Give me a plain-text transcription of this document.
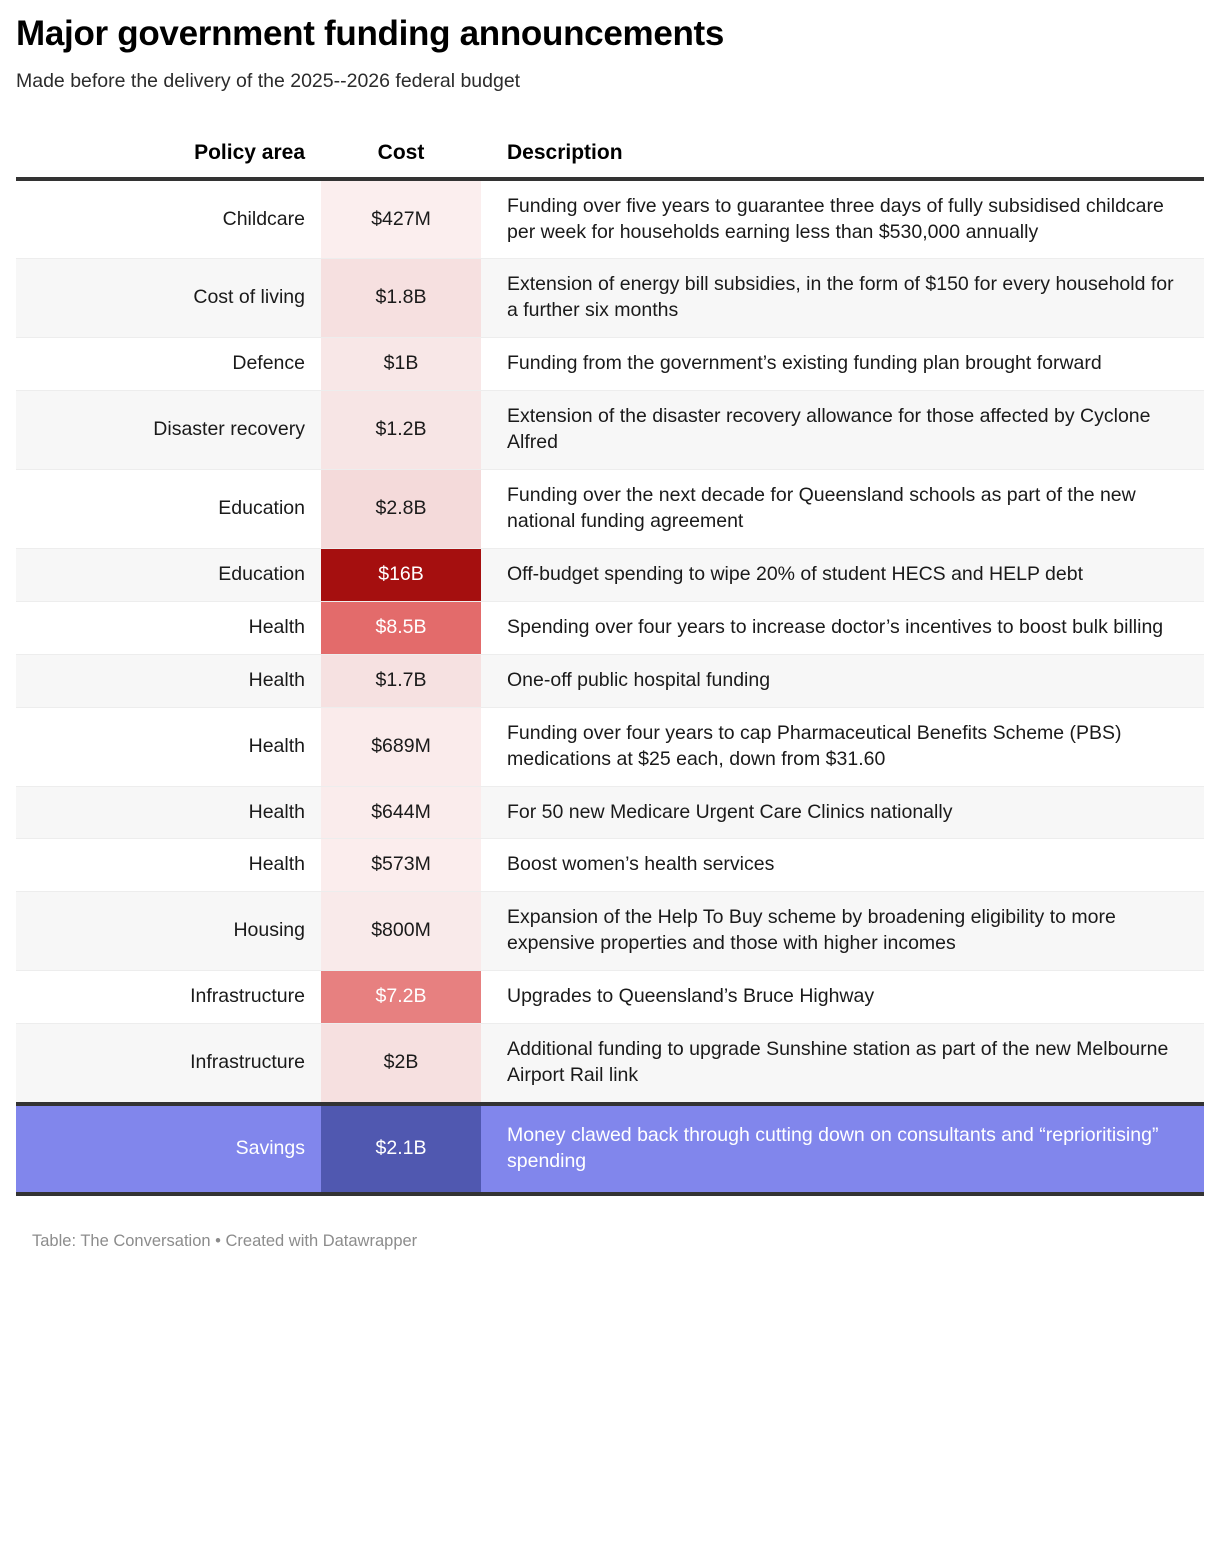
Major government funding announcements

Made before the delivery of the 2025--2026 federal budget

Policy area	Cost	Description
Childcare	$427M	Funding over five years to guarantee three days of fully subsidised childcare per week for households earning less than $530,000 annually
Cost of living	$1.8B	Extension of energy bill subsidies, in the form of $150 for every household for a further six months
Defence	$1B	Funding from the government’s existing funding plan brought forward
Disaster recovery	$1.2B	Extension of the disaster recovery allowance for those affected by Cyclone Alfred
Education	$2.8B	Funding over the next decade for Queensland schools as part of the new national funding agreement
Education	$16B	Off-budget spending to wipe 20% of student HECS and HELP debt
Health	$8.5B	Spending over four years to increase doctor’s incentives to boost bulk billing
Health	$1.7B	One-off public hospital funding
Health	$689M	Funding over four years to cap Pharmaceutical Benefits Scheme (PBS) medications at $25 each, down from $31.60
Health	$644M	For 50 new Medicare Urgent Care Clinics nationally
Health	$573M	Boost women’s health services
Housing	$800M	Expansion of the Help To Buy scheme by broadening eligibility to more expensive properties and those with higher incomes
Infrastructure	$7.2B	Upgrades to Queensland’s Bruce Highway
Infrastructure	$2B	Additional funding to upgrade Sunshine station as part of the new Melbourne Airport Rail link
Savings	$2.1B	Money clawed back through cutting down on consultants and “reprioritising” spending
Table: The Conversation • Created with Datawrapper
